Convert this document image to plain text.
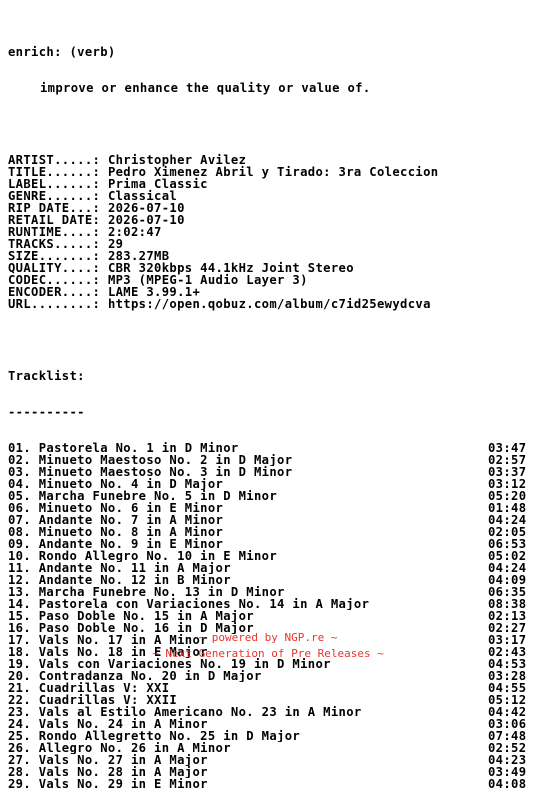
enrich: (verb)

improve or enhance the quality or value of.

ARTIST.....: Christopher Avilez
TITLE......: Pedro Ximenez Abril y Tirado: 3ra Coleccion
LABEL......: Prima Classic
GENRE......: Classical
RIP DATE...: 2026-07-10
RETAIL DATE: 2026-07-10
RUNTIME....: 2:02:47
TRACKS.....: 29
SIZE.......: 283.27MB
QUALITY....: CBR 320kbps 44.1kHz Joint Stereo
CODEC......: MP3 (MPEG-1 Audio Layer 3)
ENCODER....: LAME 3.99.1+
URL........: https://open.qobuz.com/album/c7id25ewydcva

Tracklist:

----------

01. Pastorela No. 1 in D Minor	03:47
02. Minueto Maestoso No. 2 in D Major	02:57
03. Minueto Maestoso No. 3 in D Minor	03:37
04. Minueto No. 4 in D Major	03:12
05. Marcha Funebre No. 5 in D Minor	05:20
06. Minueto No. 6 in E Minor	01:48
07. Andante No. 7 in A Minor	04:24
08. Minueto No. 8 in A Minor	02:05
09. Andante No. 9 in E Minor	06:53
10. Rondo Allegro No. 10 in E Minor	05:02
11. Andante No. 11 in A Major	04:24
12. Andante No. 12 in B Minor	04:09
13. Marcha Funebre No. 13 in D Minor	06:35
14. Pastorela con Variaciones No. 14 in A Major	08:38
15. Paso Doble No. 15 in A Major	02:13
16. Paso Doble No. 16 in D Major	02:27
17. Vals No. 17 in A Minor	03:17
18. Vals No. 18 in E Major	02:43
19. Vals con Variaciones No. 19 in D Minor	04:53
20. Contradanza No. 20 in D Major	03:28
21. Cuadrillas V: XXI	04:55
22. Cuadrillas V: XXII	05:12
23. Vals al Estilo Americano No. 23 in A Minor	04:42
24. Vals No. 24 in A Minor	03:06
25. Rondo Allegretto No. 25 in D Major	07:48
26. Allegro No. 26 in A Minor	02:52
27. Vals No. 27 in A Major	04:23
28. Vals No. 28 in A Major	03:49
29. Vals No. 29 in E Minor	04:08

~ powered by NGP.re ~
~ Next Generation of Pre Releases ~
